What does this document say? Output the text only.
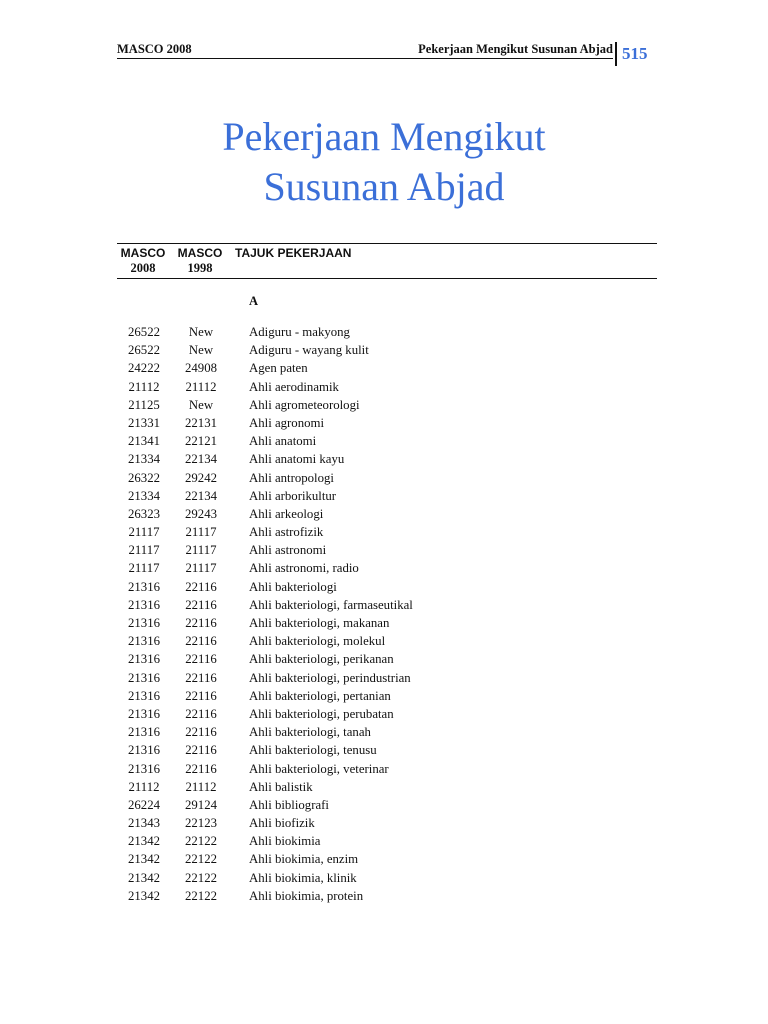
MASCO 2008	Pekerjaan Mengikut Susunan Abjad 515
Pekerjaan Mengikut
Susunan Abjad
MASCO
2008
MASCO
1998
TAJUK PEKERJAAN
A
26522	New	Adiguru - makyong
26522	New	Adiguru - wayang kulit
24222	24908	Agen paten
21112	21112	Ahli aerodinamik
21125	New	Ahli agrometeorologi
21331	22131	Ahli agronomi
21341	22121	Ahli anatomi
21334	22134	Ahli anatomi kayu
26322	29242	Ahli antropologi
21334	22134	Ahli arborikultur
26323	29243	Ahli arkeologi
21117	21117	Ahli astrofizik
21117	21117	Ahli astronomi
21117	21117	Ahli astronomi, radio
21316	22116	Ahli bakteriologi
21316	22116	Ahli bakteriologi, farmaseutikal
21316	22116	Ahli bakteriologi, makanan
21316	22116	Ahli bakteriologi, molekul
21316	22116	Ahli bakteriologi, perikanan
21316	22116	Ahli bakteriologi, perindustrian
21316	22116	Ahli bakteriologi, pertanian
21316	22116	Ahli bakteriologi, perubatan
21316	22116	Ahli bakteriologi, tanah
21316	22116	Ahli bakteriologi, tenusu
21316	22116	Ahli bakteriologi, veterinar
21112	21112	Ahli balistik
26224	29124	Ahli bibliografi
21343	22123	Ahli biofizik
21342	22122	Ahli biokimia
21342	22122	Ahli biokimia, enzim
21342	22122	Ahli biokimia, klinik
21342	22122	Ahli biokimia, protein
